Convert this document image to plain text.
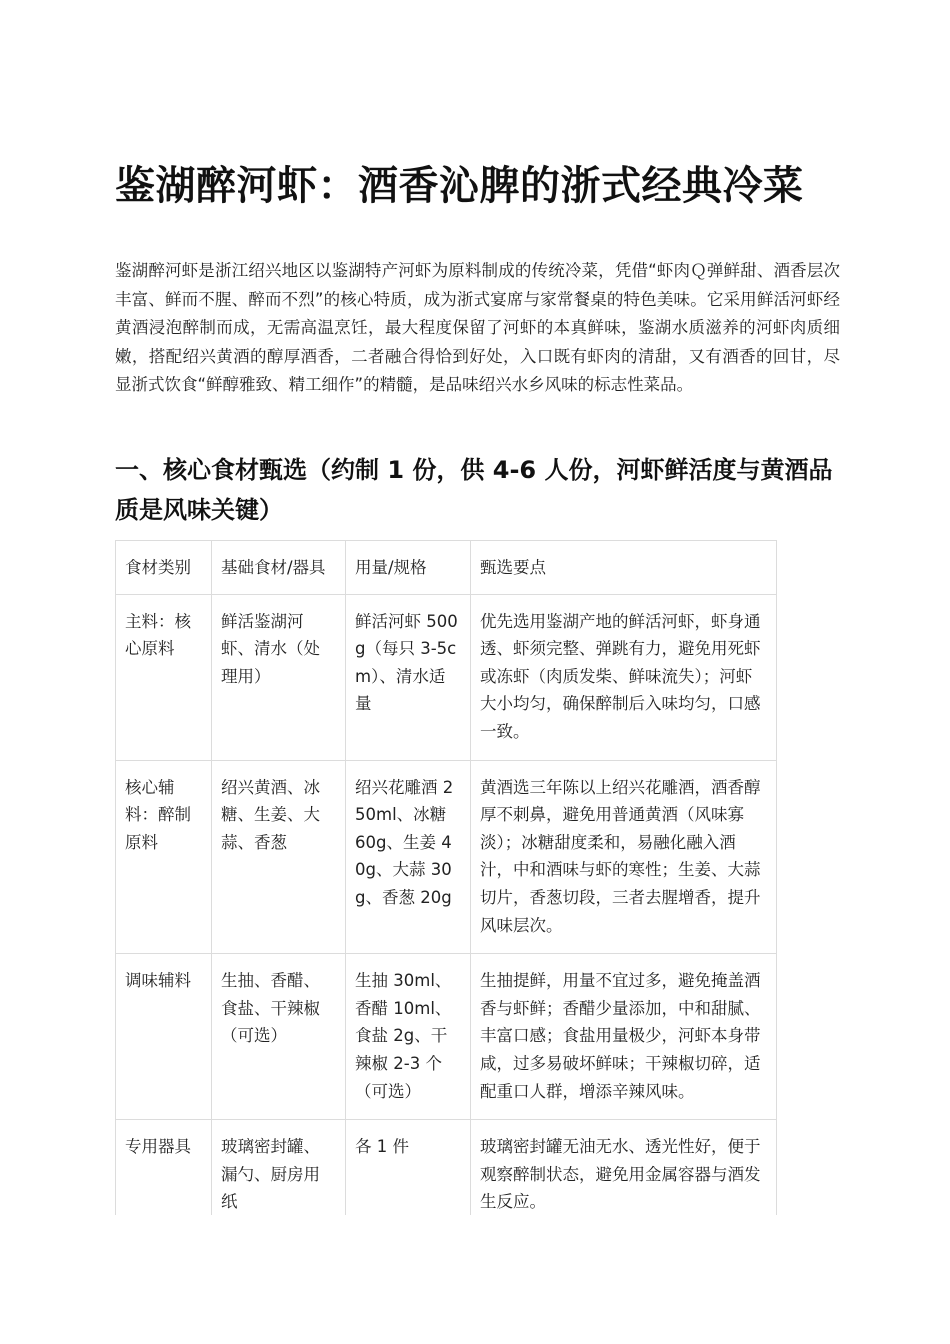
鉴湖醉河虾：酒香沁脾的浙式经典冷菜

鉴湖醉河虾是浙江绍兴地区以鉴湖特产河虾为原料制成的传统冷菜，凭借“虾肉Ｑ弹鲜甜、酒香层次丰富、鲜而不腥、醉而不烈”的核心特质，成为浙式宴席与家常餐桌的特色美味。它采用鲜活河虾经黄酒浸泡醉制而成，无需高温烹饪，最大程度保留了河虾的本真鲜味，鉴湖水质滋养的河虾肉质细嫩，搭配绍兴黄酒的醇厚酒香，二者融合得恰到好处，入口既有虾肉的清甜，又有酒香的回甘，尽显浙式饮食“鲜醇雅致、精工细作”的精髓，是品味绍兴水乡风味的标志性菜品。

一、核心食材甄选（约制 1 份，供 4-6 人份，河虾鲜活度与黄酒品质是风味关键）
食材类别	基础食材/器具	用量/规格	甄选要点
主料：核心原料	鲜活鉴湖河虾、清水（处理用）	鲜活河虾 500g（每只 3-5cm）、清水适量	优先选用鉴湖产地的鲜活河虾，虾身通透、虾须完整、弹跳有力，避免用死虾或冻虾（肉质发柴、鲜味流失）；河虾大小均匀，确保醉制后入味均匀，口感一致。
核心辅料：醉制原料	绍兴黄酒、冰糖、生姜、大蒜、香葱	绍兴花雕酒 250ml、冰糖 60g、生姜 40g、大蒜 30g、香葱 20g	黄酒选三年陈以上绍兴花雕酒，酒香醇厚不刺鼻，避免用普通黄酒（风味寡淡）；冰糖甜度柔和，易融化融入酒汁，中和酒味与虾的寒性；生姜、大蒜切片，香葱切段，三者去腥增香，提升风味层次。
调味辅料	生抽、香醋、食盐、干辣椒（可选）	生抽 30ml、香醋 10ml、食盐 2g、干辣椒 2-3 个（可选）	生抽提鲜，用量不宜过多，避免掩盖酒香与虾鲜；香醋少量添加，中和甜腻、丰富口感；食盐用量极少，河虾本身带咸，过多易破坏鲜味；干辣椒切碎，适配重口人群，增添辛辣风味。
专用器具	玻璃密封罐、漏勺、厨房用纸	各 1 件	玻璃密封罐无油无水、透光性好，便于观察醉制状态，避免用金属容器与酒发生反应。
